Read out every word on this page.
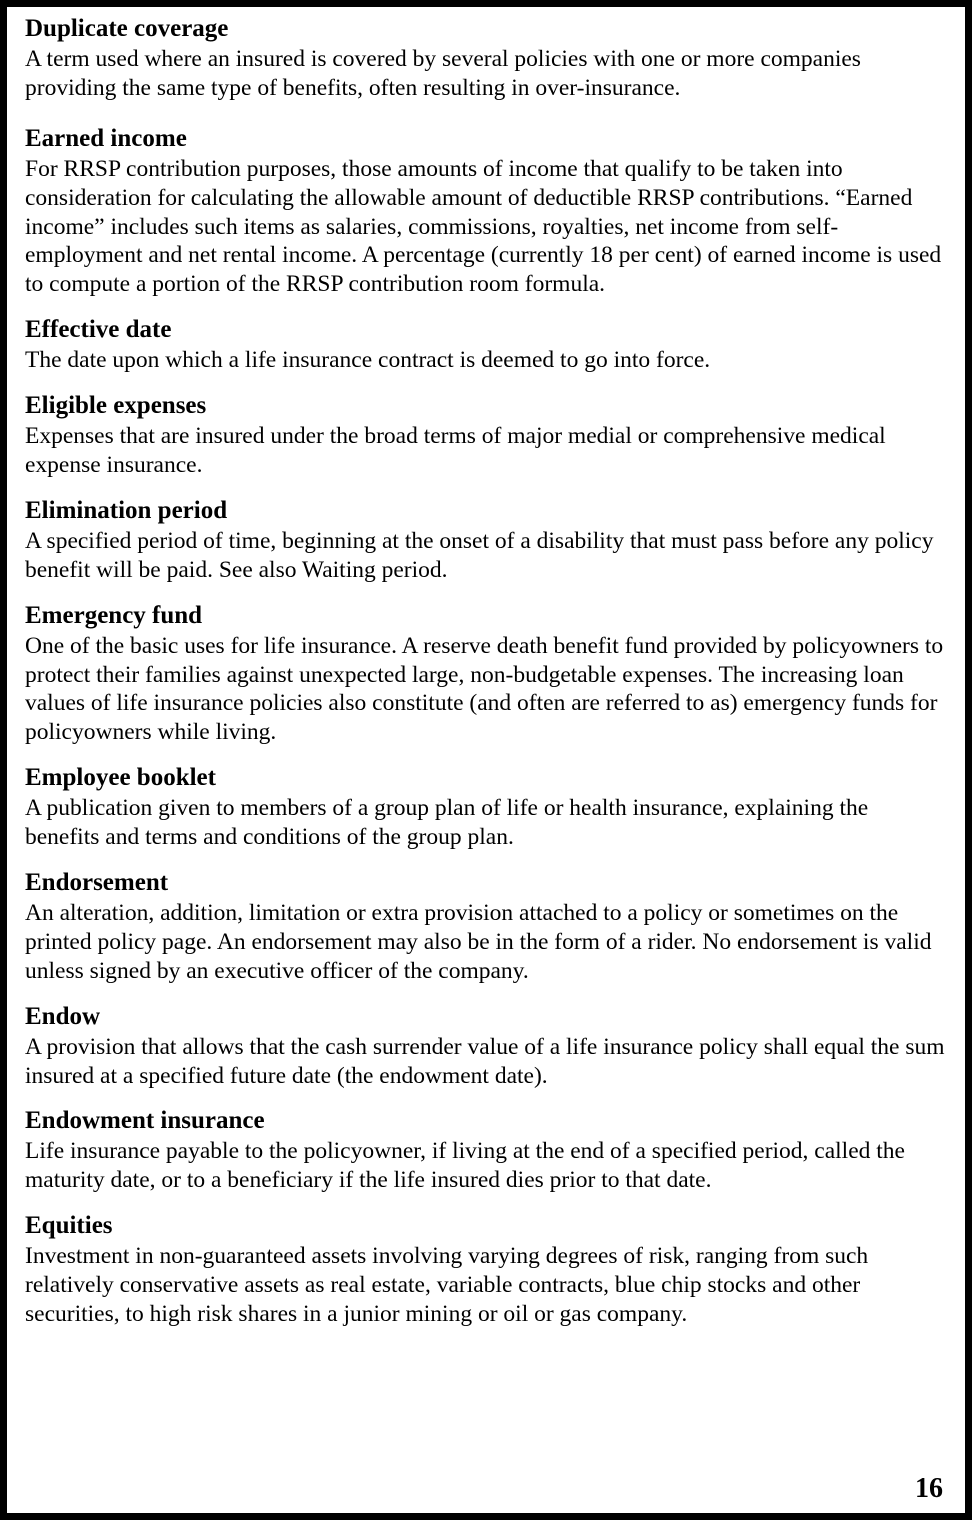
Duplicate coverage
A term used where an insured is covered by several policies with one or more companies providing the same type of benefits, often resulting in over-insurance.
Earned income
For RRSP contribution purposes, those amounts of income that qualify to be taken into consideration for calculating the allowable amount of deductible RRSP contributions. “Earned income” includes such items as salaries, commissions, royalties, net income from self-employment and net rental income. A percentage (currently 18 per cent) of earned income is used to compute a portion of the RRSP contribution room formula.
Effective date
The date upon which a life insurance contract is deemed to go into force.
Eligible expenses
Expenses that are insured under the broad terms of major medial or comprehensive medical expense insurance.
Elimination period
A specified period of time, beginning at the onset of a disability that must pass before any policy benefit will be paid. See also Waiting period.
Emergency fund
One of the basic uses for life insurance. A reserve death benefit fund provided by policyowners to protect their families against unexpected large, non-budgetable expenses. The increasing loan values of life insurance policies also constitute (and often are referred to as) emergency funds for policyowners while living.
Employee booklet
A publication given to members of a group plan of life or health insurance, explaining the benefits and terms and conditions of the group plan.
Endorsement
An alteration, addition, limitation or extra provision attached to a policy or sometimes on the printed policy page. An endorsement may also be in the form of a rider. No endorsement is valid unless signed by an executive officer of the company.
Endow
A provision that allows that the cash surrender value of a life insurance policy shall equal the sum insured at a specified future date (the endowment date).
Endowment insurance
Life insurance payable to the policyowner, if living at the end of a specified period, called the maturity date, or to a beneficiary if the life insured dies prior to that date.
Equities
Investment in non-guaranteed assets involving varying degrees of risk, ranging from such relatively conservative assets as real estate, variable contracts, blue chip stocks and other securities, to high risk shares in a junior mining or oil or gas company.
16
